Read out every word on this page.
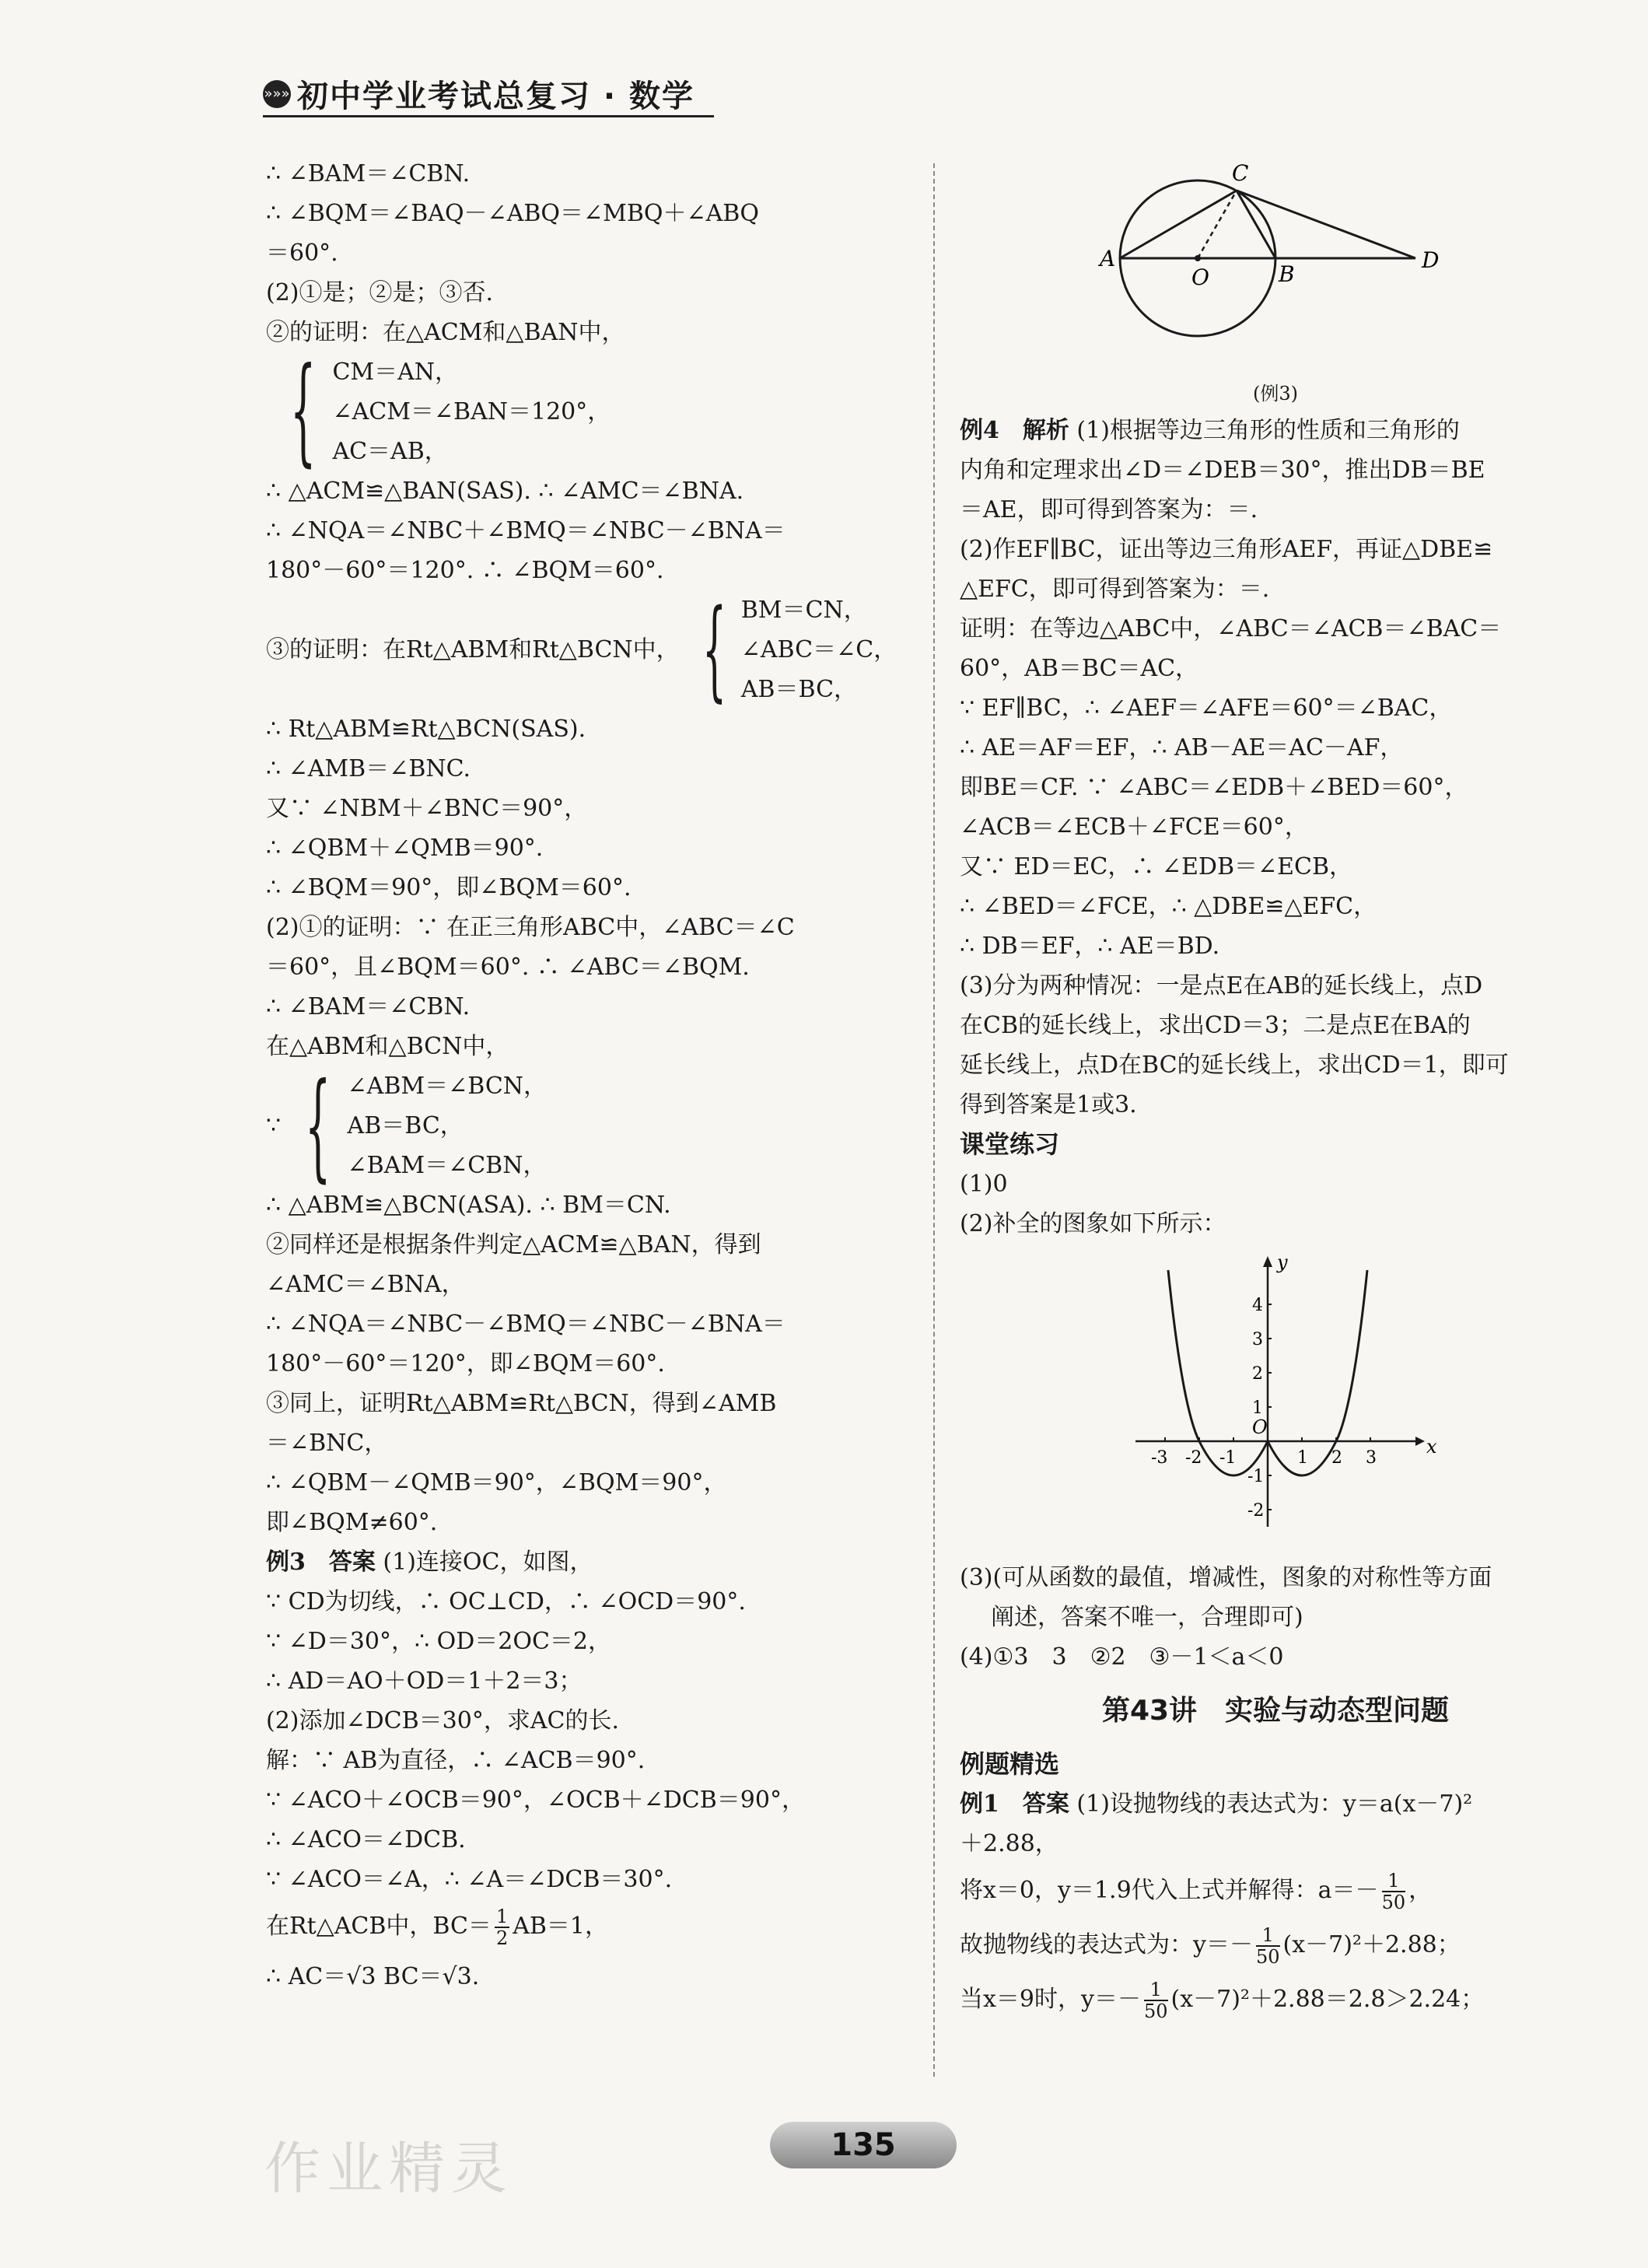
»»» 初中学业考试总复习 · 数学
∴ ∠BAM＝∠CBN.
∴ ∠BQM＝∠BAQ－∠ABQ＝∠MBQ＋∠ABQ
＝60°.
(2)①是；②是；③否.
②的证明：在△ACM和△BAN中，
{ CM＝AN，
∠ACM＝∠BAN＝120°，
AC＝AB，
∴ △ACM≌△BAN(SAS). ∴ ∠AMC＝∠BNA.
∴ ∠NQA＝∠NBC＋∠BMQ＝∠NBC－∠BNA＝
180°－60°＝120°. ∴ ∠BQM＝60°.
③的证明：在Rt△ABM和Rt△BCN中， { BM＝CN，
∠ABC＝∠C，
AB＝BC，
∴ Rt△ABM≌Rt△BCN(SAS).
∴ ∠AMB＝∠BNC.
又∵ ∠NBM＋∠BNC＝90°，
∴ ∠QBM＋∠QMB＝90°.
∴ ∠BQM＝90°，即∠BQM＝60°.
(2)①的证明：∵ 在正三角形ABC中，∠ABC＝∠C
＝60°，且∠BQM＝60°. ∴ ∠ABC＝∠BQM.
∴ ∠BAM＝∠CBN.
在△ABM和△BCN中，
∵ { ∠ABM＝∠BCN，
AB＝BC，
∠BAM＝∠CBN，
∴ △ABM≌△BCN(ASA). ∴ BM＝CN.
②同样还是根据条件判定△ACM≌△BAN，得到
∠AMC＝∠BNA，
∴ ∠NQA＝∠NBC－∠BMQ＝∠NBC－∠BNA＝
180°－60°＝120°，即∠BQM＝60°.
③同上，证明Rt△ABM≌Rt△BCN，得到∠AMB
＝∠BNC，
∴ ∠QBM－∠QMB＝90°，∠BQM＝90°，
即∠BQM≠60°.
例3　答案 (1)连接OC，如图，
∵ CD为切线，∴ OC⊥CD，∴ ∠OCD＝90°.
∵ ∠D＝30°，∴ OD＝2OC＝2，
∴ AD＝AO＋OD＝1＋2＝3；
(2)添加∠DCB＝30°，求AC的长.
解：∵ AB为直径，∴ ∠ACB＝90°.
∵ ∠ACO＋∠OCB＝90°，∠OCB＋∠DCB＝90°，
∴ ∠ACO＝∠DCB.
∵ ∠ACO＝∠A，∴ ∠A＝∠DCB＝30°.
在Rt△ACB中，$BC= \frac{1}{2} AB=1$，
∴ AC＝√3 BC＝√3.
A
O	B
C
D
(例3)
例4　解析 (1)根据等边三角形的性质和三角形的
内角和定理求出∠D＝∠DEB＝30°，推出DB＝BE
＝AE，即可得到答案为：＝.
(2)作EF∥BC，证出等边三角形AEF，再证△DBE≌
△EFC，即可得到答案为：＝.
证明：在等边△ABC中，∠ABC＝∠ACB＝∠BAC＝
60°，AB＝BC＝AC，
∵ EF∥BC，∴ ∠AEF＝∠AFE＝60°＝∠BAC，
∴ AE＝AF＝EF，∴ AB－AE＝AC－AF，
即BE＝CF. ∵ ∠ABC＝∠EDB＋∠BED＝60°，
∠ACB＝∠ECB＋∠FCE＝60°，
又∵ ED＝EC，∴ ∠EDB＝∠ECB，
∴ ∠BED＝∠FCE，∴ △DBE≌△EFC，
∴ DB＝EF，∴ AE＝BD.
(3)分为两种情况：一是点E在AB的延长线上，点D
在CB的延长线上，求出CD＝3；二是点E在BA的
延长线上，点D在BC的延长线上，求出CD＝1，即可
得到答案是1或3.
课堂练习
(1)0
(2)补全的图象如下所示：
x
y
O
-3 -2 -1	1 2 3
4
3
2
1
-1
-2
(3)(可从函数的最值，增减性，图象的对称性等方面
阐述，答案不唯一，合理即可)
(4)①3　3　②2　③－1＜a＜0
第43讲　实验与动态型问题
例题精选
例1　答案 (1)设抛物线的表达式为：y＝a(x－7)²
＋2.88，
将x＝0，y＝1.9代入上式并解得：$a=- \frac{1}{50}$ ，
故抛物线的表达式为：$y=- \frac{1}{50} (x-7)^2+2.88$；
当x＝9时，$y=- \frac{1}{50} (x-7)^2+2.88=2.8>2.24$；
作业精灵	135
